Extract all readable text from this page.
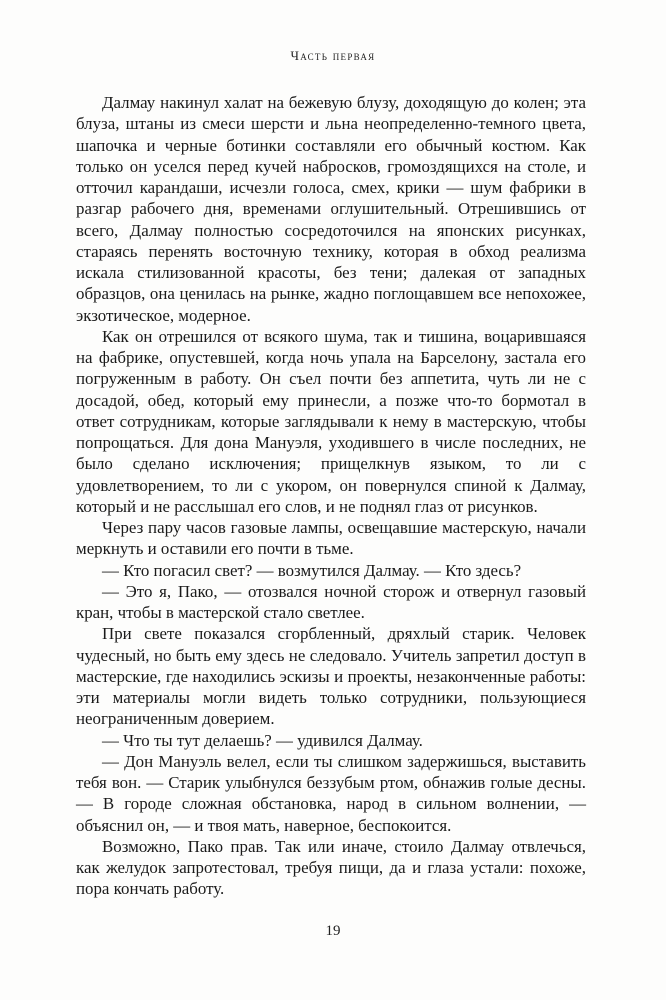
Часть первая

Далмау накинул халат на бежевую блузу, доходящую до колен; эта блуза, штаны из смеси шерсти и льна неопределенно-темного цвета, шапочка и черные ботинки составляли его обычный костюм. Как только он уселся перед кучей набросков, громоздящихся на столе, и отточил карандаши, исчезли голоса, смех, крики — шум фабрики в разгар рабочего дня, временами оглушительный. Отрешившись от всего, Далмау полностью сосредоточился на японских рисунках, стараясь перенять восточную технику, которая в обход реализма искала стилизованной красоты, без тени; далекая от западных образцов, она ценилась на рынке, жадно поглощавшем все непохожее, экзотическое, модерное.

Как он отрешился от всякого шума, так и тишина, воцарившаяся на фабрике, опустевшей, когда ночь упала на Барселону, застала его погруженным в работу. Он съел почти без аппетита, чуть ли не с досадой, обед, который ему принесли, а позже что-то бормотал в ответ сотрудникам, которые заглядывали к нему в мастерскую, чтобы попрощаться. Для дона Мануэля, уходившего в числе последних, не было сделано исключения; прищелкнув языком, то ли с удовлетворением, то ли с укором, он повернулся спиной к Далмау, который и не расслышал его слов, и не поднял глаз от рисунков.

Через пару часов газовые лампы, освещавшие мастерскую, начали меркнуть и оставили его почти в тьме.

— Кто погасил свет? — возмутился Далмау. — Кто здесь?

— Это я, Пако, — отозвался ночной сторож и отвернул газовый кран, чтобы в мастерской стало светлее.

При свете показался сгорбленный, дряхлый старик. Человек чудесный, но быть ему здесь не следовало. Учитель запретил доступ в мастерские, где находились эскизы и проекты, незаконченные работы: эти материалы могли видеть только сотрудники, пользующиеся неограниченным доверием.

— Что ты тут делаешь? — удивился Далмау.

— Дон Мануэль велел, если ты слишком задержишься, выставить тебя вон. — Старик улыбнулся беззубым ртом, обнажив голые десны. — В городе сложная обстановка, народ в сильном волнении, — объяснил он, — и твоя мать, наверное, беспокоится.

Возможно, Пако прав. Так или иначе, стоило Далмау отвлечься, как желудок запротестовал, требуя пищи, да и глаза устали: похоже, пора кончать работу.

19
